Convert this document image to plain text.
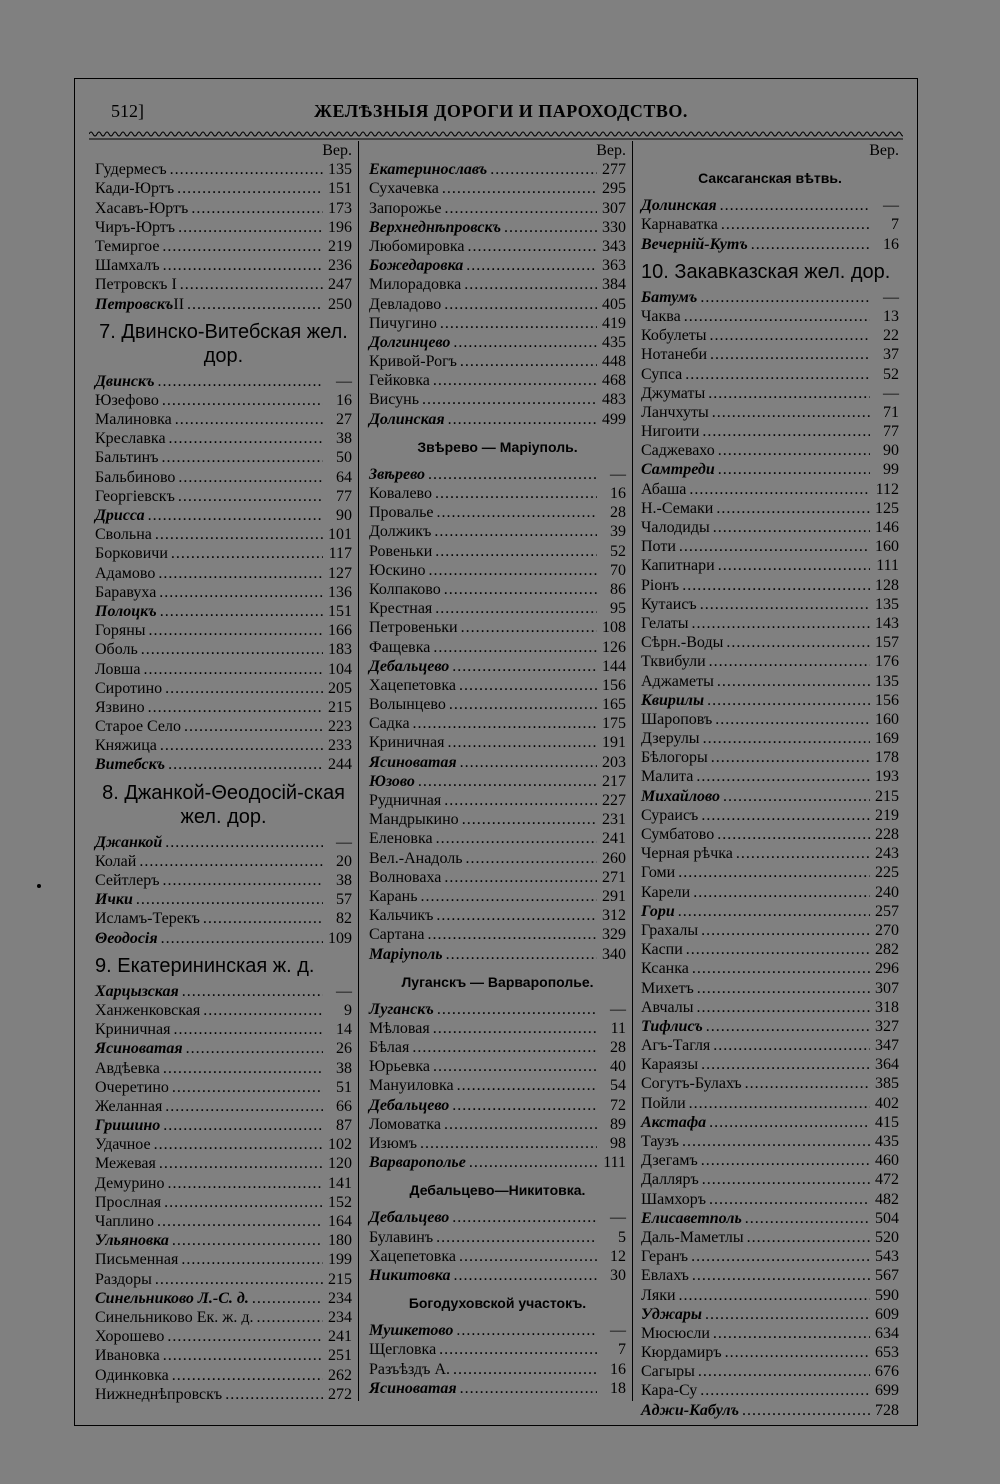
512]	ЖЕЛѢЗНЫЯ ДОРОГИ И ПАРОХОДСТВО.
Вер.
Гудермесъ .....	135
Кади-Юртъ .....	151
Хасавъ-Юртъ .....	173
Чиръ-Юртъ .....	196
Темиргое .....	219
Шамхалъ .....	236
Петровскъ I .....	247
Петровскъ II .....	250
7. Двинско-Витебская жел. дор.
Двинскъ .....	—
Юзефово .....	16
Малиновка .....	27
Креславка .....	38
Бальтинъ .....	50
Бальбиново .....	64
Георгіевскъ .....	77
Дрисса .....	90
Свольна .....	101
Борковичи .....	117
Адамово .....	127
Баравуха .....	136
Полоцкъ .....	151
Горяны .....	166
Оболь .....	183
Ловша .....	104
Сиротино .....	205
Язвино .....	215
Старое Село .....	223
Княжица .....	233
Витебскъ .....	244
8. Джанкой-Θеодосій-ская жел. дор.
Джанкой .....	—
Колай .....	20
Сейтлеръ .....	38
Ички .....	57
Исламъ-Терекъ .....	82
Θеодосія .....	109
9. Екатерининская ж. д.
Харцызская .....	—
Ханженковская .....	9
Криничная .....	14
Ясиноватая .....	26
Авдѣевка .....	38
Очеретино .....	51
Желанная .....	66
Гришино .....	87
Удачное .....	102
Межевая .....	120
Демурино .....	141
Прослная .....	152
Чаплино .....	164
Ульяновка .....	180
Письменная .....	199
Раздоры .....	215
Синельниково Л.-С. д. .....	234
Синельниково Ек. ж. д. .....	234
Хорошево .....	241
Ивановка .....	251
Одинковка .....	262
Нижнеднѣпровскъ .....	272
Вер.
Екатеринославъ .....	277
Сухачевка .....	295
Запорожье .....	307
Верхнеднѣпровскъ .....	330
Любомировка .....	343
Божедаровка .....	363
Милорадовка .....	384
Девладово .....	405
Пичугино .....	419
Долгинцево .....	435
Кривой-Рогъ .....	448
Гейковка .....	468
Висунь .....	483
Долинская .....	499
Звѣрево — Маріуполь.
Звѣрево .....	—
Ковалево .....	16
Провалье .....	28
Должикъ .....	39
Ровеньки .....	52
Юскино .....	70
Колпаково .....	86
Крестная .....	95
Петровеньки .....	108
Фащевка .....	126
Дебальцево .....	144
Хацепетовка .....	156
Волынцево .....	165
Садка .....	175
Криничная .....	191
Ясиноватая .....	203
Юзово .....	217
Рудничная .....	227
Мандрыкино .....	231
Еленовка .....	241
Вел.-Анадоль .....	260
Волноваха .....	271
Карань .....	291
Кальчикъ .....	312
Сартана .....	329
Маріуполь .....	340
Луганскъ — Варварополье.
Луганскъ .....	—
Мѣловая .....	11
Бѣлая .....	28
Юрьевка .....	40
Мануиловка .....	54
Дебальцево .....	72
Ломоватка .....	89
Изюмъ .....	98
Варварополье .....	111
Дебальцево—Никитовка.
Дебальцево .....	—
Булавинъ .....	5
Хацепетовка .....	12
Никитовка .....	30
Богодуховской участокъ.
Мушкетово .....	—
Щегловка .....	7
Разъѣздъ А. .....	16
Ясиноватая .....	18
Вер.
Саксаганская вѣтвь.
Долинская .....	—
Карнаватка .....	7
Вечерній-Кутъ .....	16
10. Закавказская жел. дор.
Батумъ .....	—
Чаква .....	13
Кобулеты .....	22
Нотанеби .....	37
Супса .....	52
Джуматы .....	—
Ланчхуты .....	71
Нигоити .....	77
Саджевахо .....	90
Самтреди .....	99
Абаша .....	112
Н.-Семаки .....	125
Чалодиды .....	146
Поти .....	160
Капитнари .....	111
Ріонъ .....	128
Кутаисъ .....	135
Гелаты .....	143
Сѣрн.-Воды .....	157
Тквибули .....	176
Аджаметы .....	135
Квирилы .....	156
Шароповъ .....	160
Дзерулы .....	169
Бѣлогоры .....	178
Малита .....	193
Михайлово .....	215
Сураисъ .....	219
Сумбатово .....	228
Черная рѣчка .....	243
Гоми .....	225
Карели .....	240
Гори .....	257
Грахалы .....	270
Каспи .....	282
Ксанка .....	296
Михетъ .....	307
Авчалы .....	318
Тифлисъ .....	327
Агъ-Тагля .....	347
Караязы .....	364
Согутъ-Булахъ .....	385
Пойли .....	402
Акстафа .....	415
Таузъ .....	435
Дзегамъ .....	460
Далляръ .....	472
Шамхоръ .....	482
Елисаветполь .....	504
Даль-Маметлы .....	520
Геранъ .....	543
Евлахъ .....	567
Ляки .....	590
Уджары .....	609
Мюсюсли .....	634
Кюрдамиръ .....	653
Сагыры .....	676
Кара-Су .....	699
Аджи-Кабулъ .....	728
